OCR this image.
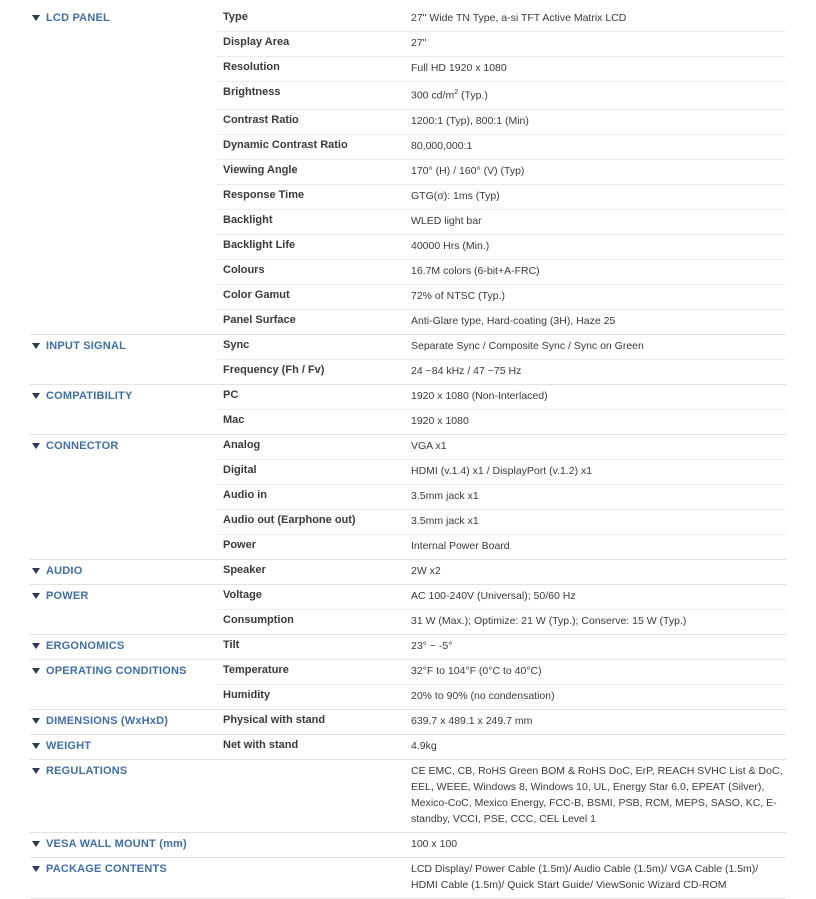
LCD PANEL	Type	27" Wide TN Type, a-si TFT Active Matrix LCD
Display Area	27"
Resolution	Full HD 1920 x 1080
Brightness	300 $cd/m^2$ (Typ.)
Contrast Ratio	1200:1 (Typ), 800:1 (Min)
Dynamic Contrast Ratio	80,000,000:1
Viewing Angle	170° (H) / 160° (V) (Typ)
Response Time	GTG(σ): 1ms (Typ)
Backlight	WLED light bar
Backlight Life	40000 Hrs (Min.)
Colours	16.7M colors (6-bit+A-FRC)
Color Gamut	72% of NTSC (Typ.)
Panel Surface	Anti-Glare type, Hard-coating (3H), Haze 25
INPUT SIGNAL	Sync	Separate Sync / Composite Sync / Sync on Green
Frequency (Fh / Fv)	24 ~84 kHz / 47 ~75 Hz
COMPATIBILITY	PC	1920 x 1080 (Non-Interlaced)
Mac	1920 x 1080
CONNECTOR	Analog	VGA x1
Digital	HDMI (v.1.4) x1 / DisplayPort (v.1.2) x1
Audio in	3.5mm jack x1
Audio out (Earphone out)	3.5mm jack x1
Power	Internal Power Board
AUDIO	Speaker	2W x2
POWER	Voltage	AC 100-240V (Universal); 50/60 Hz
Consumption	31 W (Max.); Optimize: 21 W (Typ.); Conserve: 15 W (Typ.)
ERGONOMICS	Tilt	23° ~ -5°
OPERATING CONDITIONS	Temperature	32°F to 104°F (0°C to 40°C)
Humidity	20% to 90% (no condensation)
DIMENSIONS (WxHxD)	Physical with stand	639.7 x 489.1 x 249.7 mm
WEIGHT	Net with stand	4.9kg
REGULATIONS	CE EMC, CB, RoHS Green BOM & RoHS DoC, ErP, REACH SVHC List & DoC, EEL, WEEE, Windows 8, Windows 10, UL, Energy Star 6.0, EPEAT (Silver), Mexico-CoC, Mexico Energy, FCC-B, BSMI, PSB, RCM, MEPS, SASO, KC, E-standby, VCCI, PSE, CCC, CEL Level 1
VESA WALL MOUNT (mm)	100 x 100
PACKAGE CONTENTS	LCD Display/ Power Cable (1.5m)/ Audio Cable (1.5m)/ VGA Cable (1.5m)/ HDMI Cable (1.5m)/ Quick Start Guide/ ViewSonic Wizard CD-ROM
